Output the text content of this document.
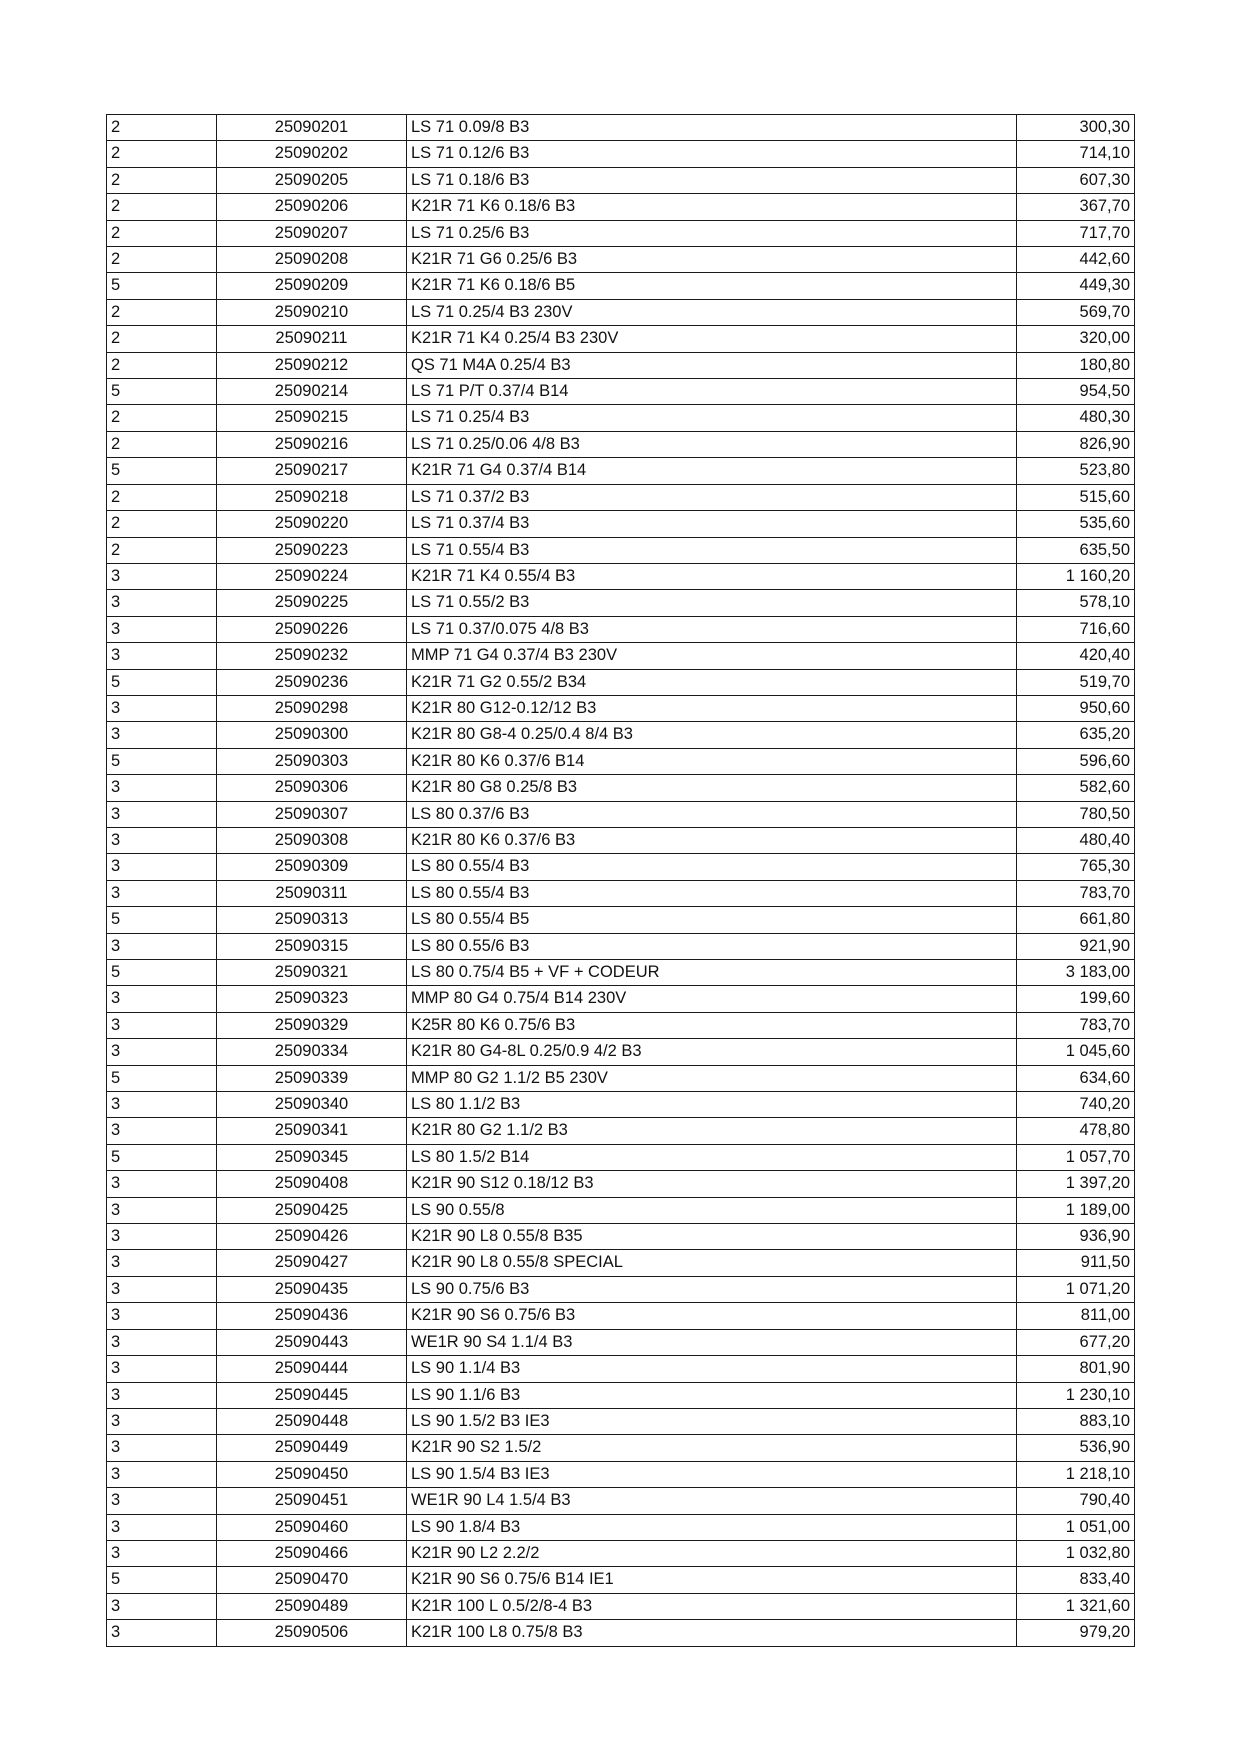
2	25090201	LS 71 0.09/8 B3	300,30
2	25090202	LS 71 0.12/6 B3	714,10
2	25090205	LS 71 0.18/6 B3	607,30
2	25090206	K21R 71 K6 0.18/6 B3	367,70
2	25090207	LS 71 0.25/6 B3	717,70
2	25090208	K21R 71 G6 0.25/6 B3	442,60
5	25090209	K21R 71 K6 0.18/6 B5	449,30
2	25090210	LS 71 0.25/4 B3 230V	569,70
2	25090211	K21R 71 K4 0.25/4 B3 230V	320,00
2	25090212	QS 71 M4A 0.25/4 B3	180,80
5	25090214	LS 71 P/T 0.37/4 B14	954,50
2	25090215	LS 71 0.25/4 B3	480,30
2	25090216	LS 71 0.25/0.06 4/8 B3	826,90
5	25090217	K21R 71 G4 0.37/4 B14	523,80
2	25090218	LS 71 0.37/2 B3	515,60
2	25090220	LS 71 0.37/4 B3	535,60
2	25090223	LS 71 0.55/4 B3	635,50
3	25090224	K21R 71 K4 0.55/4 B3	1 160,20
3	25090225	LS 71 0.55/2 B3	578,10
3	25090226	LS 71 0.37/0.075 4/8 B3	716,60
3	25090232	MMP 71 G4 0.37/4 B3 230V	420,40
5	25090236	K21R 71 G2 0.55/2 B34	519,70
3	25090298	K21R 80 G12-0.12/12 B3	950,60
3	25090300	K21R 80 G8-4 0.25/0.4 8/4 B3	635,20
5	25090303	K21R 80 K6 0.37/6 B14	596,60
3	25090306	K21R 80 G8 0.25/8 B3	582,60
3	25090307	LS 80 0.37/6 B3	780,50
3	25090308	K21R 80 K6 0.37/6 B3	480,40
3	25090309	LS 80 0.55/4 B3	765,30
3	25090311	LS 80 0.55/4 B3	783,70
5	25090313	LS 80 0.55/4 B5	661,80
3	25090315	LS 80 0.55/6 B3	921,90
5	25090321	LS 80 0.75/4 B5 + VF + CODEUR	3 183,00
3	25090323	MMP 80 G4 0.75/4 B14 230V	199,60
3	25090329	K25R 80 K6 0.75/6 B3	783,70
3	25090334	K21R 80 G4-8L 0.25/0.9 4/2 B3	1 045,60
5	25090339	MMP 80 G2 1.1/2 B5 230V	634,60
3	25090340	LS 80 1.1/2 B3	740,20
3	25090341	K21R 80 G2 1.1/2 B3	478,80
5	25090345	LS 80 1.5/2 B14	1 057,70
3	25090408	K21R 90 S12 0.18/12 B3	1 397,20
3	25090425	LS 90 0.55/8	1 189,00
3	25090426	K21R 90 L8 0.55/8 B35	936,90
3	25090427	K21R 90 L8 0.55/8 SPECIAL	911,50
3	25090435	LS 90 0.75/6 B3	1 071,20
3	25090436	K21R 90 S6 0.75/6 B3	811,00
3	25090443	WE1R 90 S4 1.1/4 B3	677,20
3	25090444	LS 90 1.1/4 B3	801,90
3	25090445	LS 90 1.1/6 B3	1 230,10
3	25090448	LS 90 1.5/2 B3 IE3	883,10
3	25090449	K21R 90 S2 1.5/2	536,90
3	25090450	LS 90 1.5/4 B3 IE3	1 218,10
3	25090451	WE1R 90 L4 1.5/4 B3	790,40
3	25090460	LS 90 1.8/4 B3	1 051,00
3	25090466	K21R 90 L2 2.2/2	1 032,80
5	25090470	K21R 90 S6 0.75/6 B14 IE1	833,40
3	25090489	K21R 100 L 0.5/2/8-4 B3	1 321,60
3	25090506	K21R 100 L8 0.75/8 B3	979,20
